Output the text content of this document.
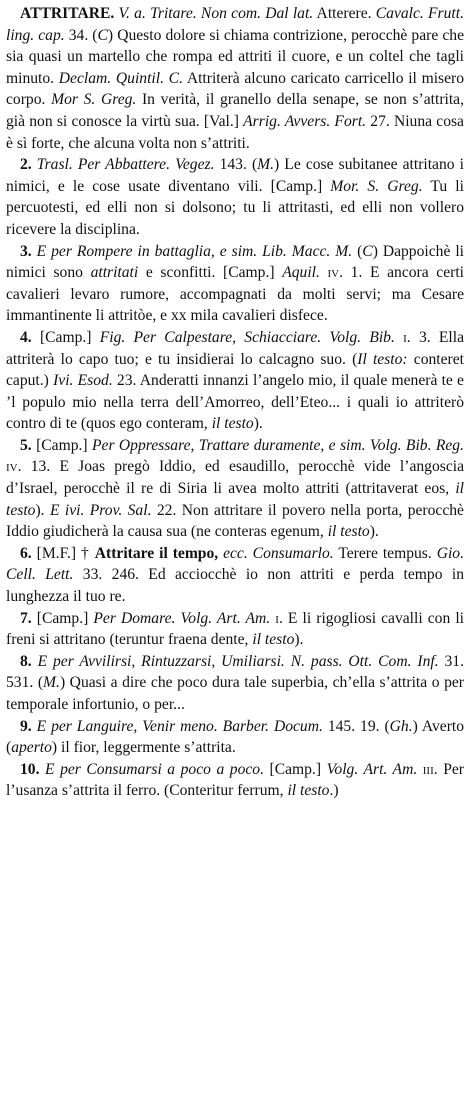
ATTRITARE. V. a. Tritare. Non com. Dal lat. Atterere. Cavalc. Frutt. ling. cap. 34. (C) Questo dolore si chiama contrizione, perocchè pare che sia quasi un martello che rompa ed attriti il cuore, e un coltel che tagli minuto. Declam. Quintil. C. Attriterà alcuno caricato carricello il misero corpo. Mor S. Greg. In verità, il granello della senape, se non s’attrita, già non si conosce la virtù sua. [Val.] Arrig. Avvers. Fort. 27. Niuna cosa è sì forte, che alcuna volta non s’attriti.

2. Trasl. Per Abbattere. Vegez. 143. (M.) Le cose subitanee attritano i nimici, e le cose usate diventano vili. [Camp.] Mor. S. Greg. Tu li percuotesti, ed elli non si dolsono; tu li attritasti, ed elli non vollero ricevere la disciplina.

3. E per Rompere in battaglia, e sim. Lib. Macc. M. (C) Dappoichè li nimici sono attritati e sconfitti. [Camp.] Aquil. iv. 1. E ancora certi cavalieri levaro rumore, accompagnati da molti servi; ma Cesare immantinente li attritòe, e xx mila cavalieri disfece.

4. [Camp.] Fig. Per Calpestare, Schiacciare. Volg. Bib. i. 3. Ella attriterà lo capo tuo; e tu insidierai lo calcagno suo. (Il testo: conteret caput.) Ivi. Esod. 23. Anderatti innanzi l’angelo mio, il quale menerà te e ’l populo mio nella terra dell’Amorreo, dell’Eteo... i quali io attriterò contro di te (quos ego conteram, il testo).

5. [Camp.] Per Oppressare, Trattare duramente, e sim. Volg. Bib. Reg. iv. 13. E Joas pregò Iddio, ed esaudillo, perocchè vide l’angoscia d’Israel, perocchè il re di Siria li avea molto attriti (attritaverat eos, il testo). E ivi. Prov. Sal. 22. Non attritare il povero nella porta, perocchè Iddio giudicherà la causa sua (ne conteras egenum, il testo).

6. [M.F.] † Attritare il tempo, ecc. Consumarlo. Terere tempus. Gio. Cell. Lett. 33. 246. Ed acciocchè io non attriti e perda tempo in lunghezza il tuo re.

7. [Camp.] Per Domare. Volg. Art. Am. i. E li rigogliosi cavalli con li freni si attritano (teruntur fraena dente, il testo).

8. E per Avvilirsi, Rintuzzarsi, Umiliarsi. N. pass. Ott. Com. Inf. 31. 531. (M.) Quasi a dire che poco dura tale superbia, ch’ella s’attrita o per temporale infortunio, o per...

9. E per Languire, Venir meno. Barber. Docum. 145. 19. (Gh.) Averto (aperto) il fior, leggermente s’attrita.

10. E per Consumarsi a poco a poco. [Camp.] Volg. Art. Am. iii. Per l’usanza s’attrita il ferro. (Conteritur ferrum, il testo.)
